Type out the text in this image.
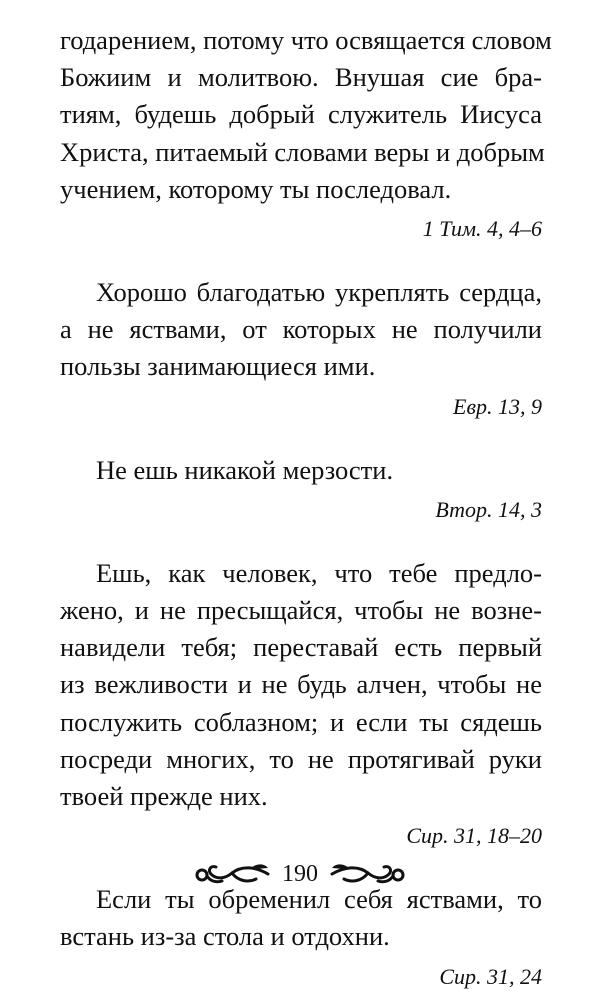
годарением, потому что освящается словом
Божиим и молитвою. Внушая сие бра-
тиям, будешь добрый служитель Иисуса
Христа, питаемый словами веры и добрым
учением, которому ты последовал.

1 Тим. 4, 4–6

Хорошо благодатью укреплять сердца,
а не яствами, от которых не получили
пользы занимающиеся ими.

Евр. 13, 9

Не ешь никакой мерзости.

Втор. 14, 3

Ешь, как человек, что тебе предло-
жено, и не пресыщайся, чтобы не возне-
навидели тебя; переставай есть первый
из вежливости и не будь алчен, чтобы не
послужить соблазном; и если ты сядешь
посреди многих, то не протягивай руки
твоей прежде них.

Сир. 31, 18–20

Если ты обременил себя яствами, то
встань из-за стола и отдохни.

Сир. 31, 24

190
